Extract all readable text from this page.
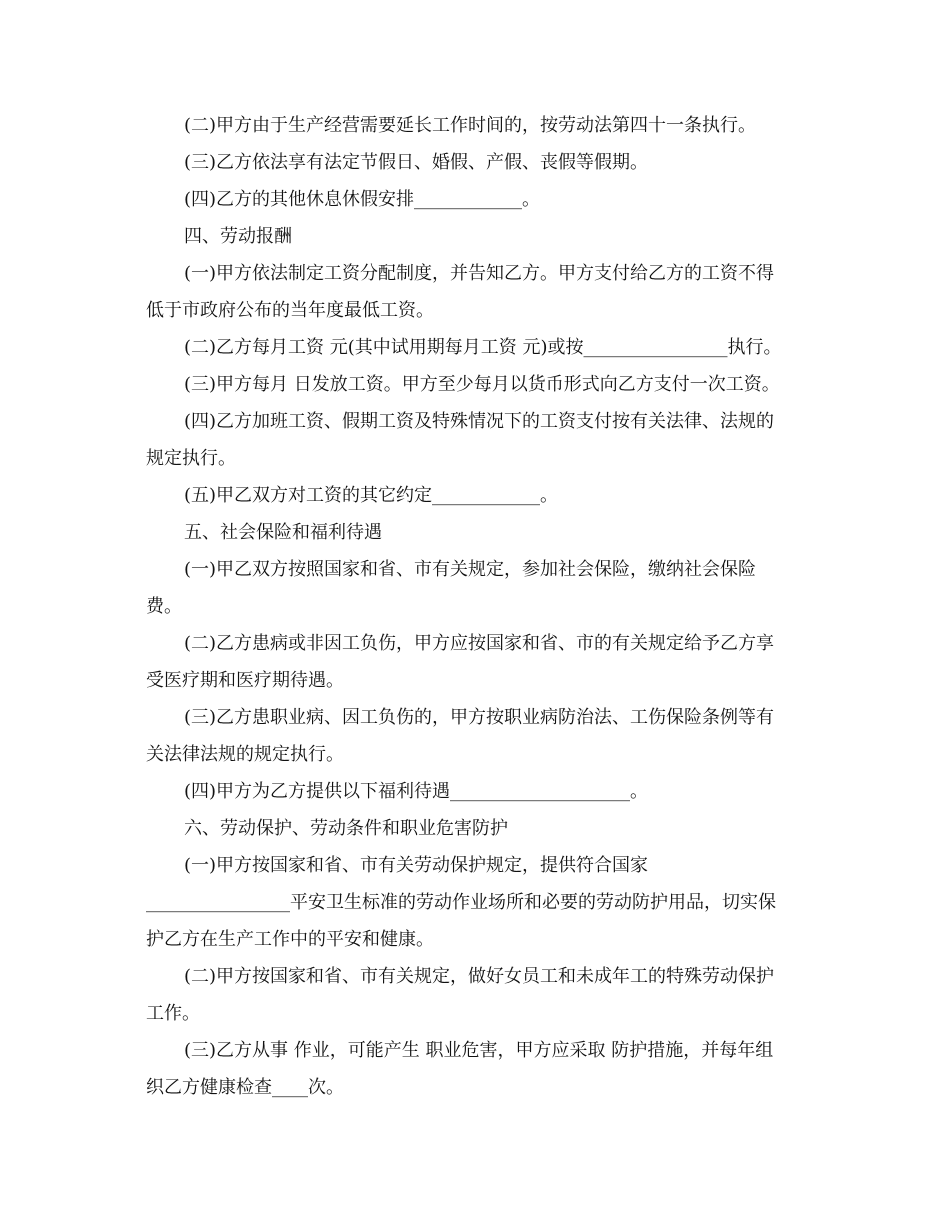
(二)甲方由于生产经营需要延长工作时间的，按劳动法第四十一条执行。
(三)乙方依法享有法定节假日、婚假、产假、丧假等假期。
(四)乙方的其他休息休假安排____________。
四、劳动报酬
(一)甲方依法制定工资分配制度，并告知乙方。甲方支付给乙方的工资不得
低于市政府公布的当年度最低工资。
(二)乙方每月工资 元(其中试用期每月工资 元)或按________________执行。
(三)甲方每月 日发放工资。甲方至少每月以货币形式向乙方支付一次工资。
(四)乙方加班工资、假期工资及特殊情况下的工资支付按有关法律、法规的
规定执行。
(五)甲乙双方对工资的其它约定____________。
五、社会保险和福利待遇
(一)甲乙双方按照国家和省、市有关规定，参加社会保险，缴纳社会保险
费。
(二)乙方患病或非因工负伤，甲方应按国家和省、市的有关规定给予乙方享
受医疗期和医疗期待遇。
(三)乙方患职业病、因工负伤的，甲方按职业病防治法、工伤保险条例等有
关法律法规的规定执行。
(四)甲方为乙方提供以下福利待遇____________________。
六、劳动保护、劳动条件和职业危害防护
(一)甲方按国家和省、市有关劳动保护规定，提供符合国家
________________平安卫生标准的劳动作业场所和必要的劳动防护用品，切实保
护乙方在生产工作中的平安和健康。
(二)甲方按国家和省、市有关规定，做好女员工和未成年工的特殊劳动保护
工作。
(三)乙方从事 作业，可能产生 职业危害，甲方应采取 防护措施，并每年组
织乙方健康检查____次。
